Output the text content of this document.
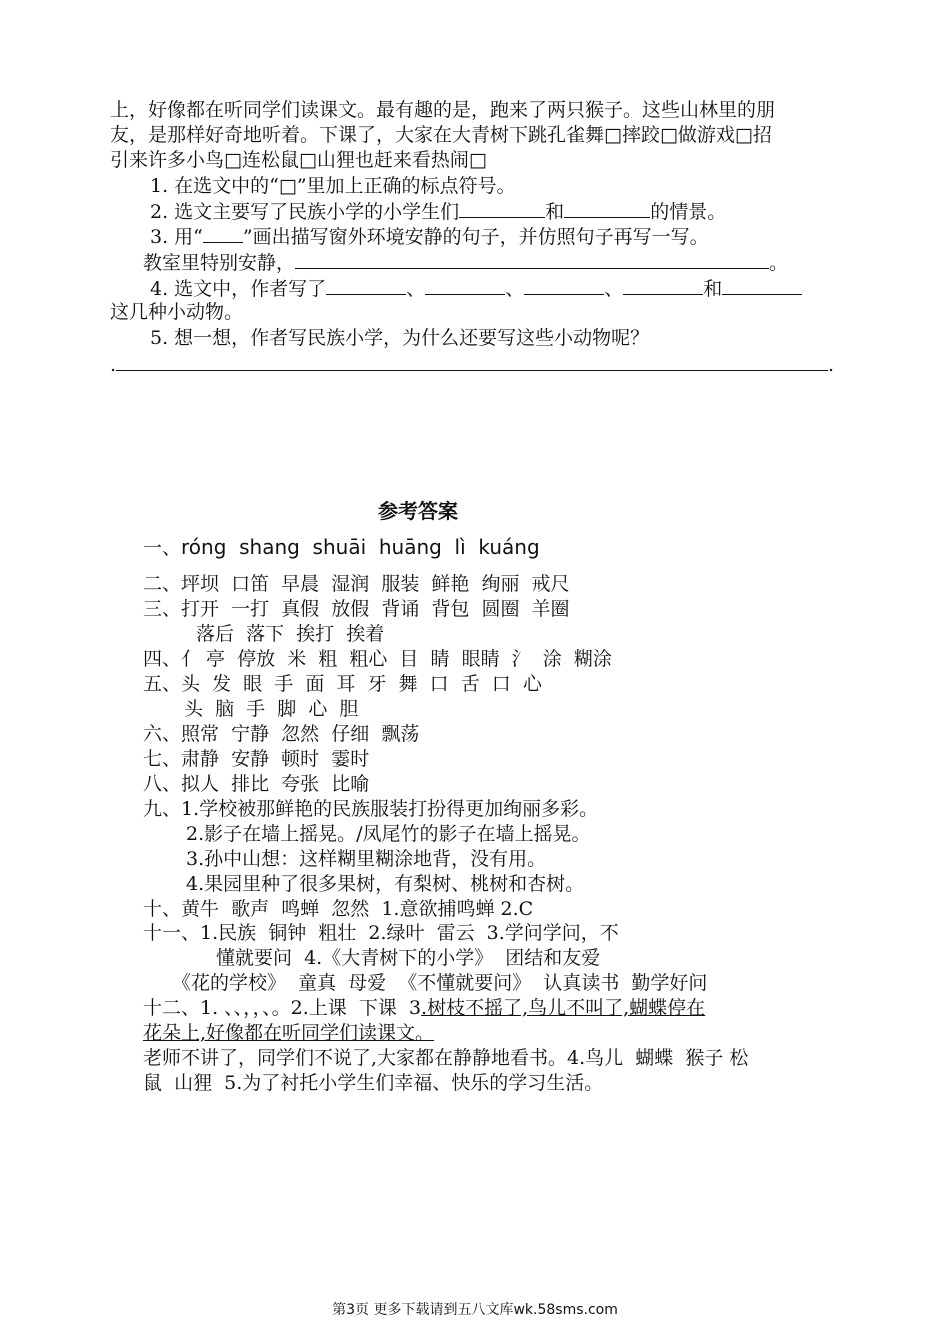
上，好像都在听同学们读课文。最有趣的是，跑来了两只猴子。这些山林里的朋
友，是那样好奇地听着。下课了，大家在大青树下跳孔雀舞□摔跤□做游戏□招
引来许多小鸟□连松鼠□山狸也赶来看热闹□
1. 在选文中的“□”里加上正确的标点符号。
2. 选文主要写了民族小学的小学生们	和	的情景。
3. 用“ ”画出描写窗外环境安静的句子，并仿照句子再写一写。
教室里特别安静，	。
4. 选文中，作者写了	、	、	、	和
这几种小动物。
5. 想一想，作者写民族小学，为什么还要写这些小动物呢？
.	.
参考答案
一、róng  shang  shuāi  huāng  lì  kuáng
二、坪坝  口笛  早晨  湿润  服装  鲜艳  绚丽  戒尺
三、打开  一打  真假  放假  背诵  背包  圆圈  羊圈
落后  落下  挨打  挨着
四、亻 亭  停放  米  粗  粗心  目  睛  眼睛  氵  涂  糊涂
五、头  发  眼  手  面  耳  牙  舞  口  舌  口  心
头  脑  手  脚  心  胆
六、照常  宁静  忽然  仔细  飘荡
七、肃静  安静  顿时  霎时
八、拟人  排比  夸张  比喻
九、1.学校被那鲜艳的民族服装打扮得更加绚丽多彩。
2.影子在墙上摇晃。/凤尾竹的影子在墙上摇晃。
3.孙中山想：这样糊里糊涂地背，没有用。
4.果园里种了很多果树，有梨树、桃树和杏树。
十、黄牛  歌声  鸣蝉  忽然  1.意欲捕鸣蝉 2.C
十一、1.民族  铜钟  粗壮  2.绿叶  雷云  3.学问学问，不
懂就要问  4.《大青树下的小学》  团结和友爱
《花的学校》  童真  母爱  《不懂就要问》  认真读书  勤学好问
十二、1. 、、，，、。2.上课  下课  3.树枝不摇了,鸟儿不叫了,蝴蝶停在
花朵上,好像都在听同学们读课文。
老师不讲了，同学们不说了,大家都在静静地看书。4.鸟儿  蝴蝶  猴子 松
鼠  山狸  5.为了衬托小学生们幸福、快乐的学习生活。
第3页 更多下载请到五八文库wk.58sms.com
